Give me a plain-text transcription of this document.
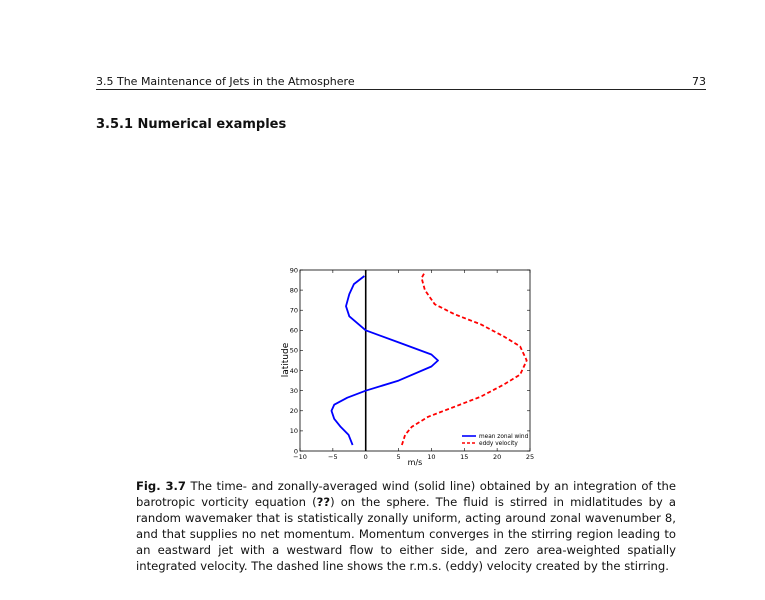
3.5 The Maintenance of Jets in the Atmosphere	73
3.5.1 Numerical examples
−10	−5	0	5	10	15	20	25
0
10
20
30
40
50
60
70
80
90
mean zonal wind
eddy velocity
latitude
m/s
Fig. 3.7 The time- and zonally-averaged wind (solid line) obtained by an integration of the barotropic vorticity equation (??) on the sphere. The fluid is stirred in midlatitudes by a random wavemaker that is statistically zonally uniform, acting around zonal wavenumber 8, and that supplies no net momentum. Momentum converges in the stirring region leading to an eastward jet with a westward flow to either side, and zero area-weighted spatially integrated velocity. The dashed line shows the r.m.s. (eddy) velocity created by the stirring.
